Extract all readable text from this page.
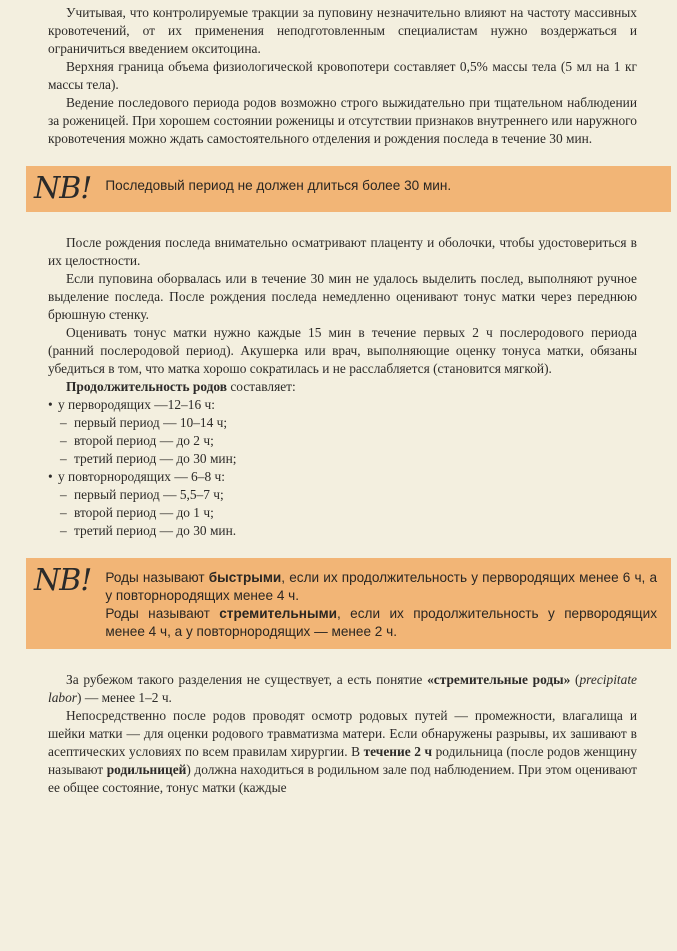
Учитывая, что контролируемые тракции за пуповину незначительно влияют на частоту массивных кровотечений, от их применения неподготовленным специалистам нужно воздержаться и ограничиться введением окситоцина.

Верхняя граница объема физиологической кровопотери составляет 0,5% массы тела (5 мл на 1 кг массы тела).

Ведение последового периода родов возможно строго выжидательно при тщательном наблюдении за роженицей. При хорошем состоянии роженицы и отсутствии признаков внутреннего или наружного кровотечения можно ждать самостоятельного отделения и рождения последа в течение 30 мин.

NB! Последовый период не должен длиться более 30 мин.

После рождения последа внимательно осматривают плаценту и оболочки, чтобы удостовериться в их целостности.

Если пуповина оборвалась или в течение 30 мин не удалось выделить послед, выполняют ручное выделение последа. После рождения последа немедленно оценивают тонус матки через переднюю брюшную стенку.

Оценивать тонус матки нужно каждые 15 мин в течение первых 2 ч послеродового периода (ранний послеродовой период). Акушерка или врач, выполняющие оценку тонуса матки, обязаны убедиться в том, что матка хорошо сократилась и не расслабляется (становится мягкой).

Продолжительность родов составляет:

• у первородящих —12–16 ч:
– первый период — 10–14 ч;
– второй период — до 2 ч;
– третий период — до 30 мин;
• у повторнородящих — 6–8 ч:
– первый период — 5,5–7 ч;
– второй период — до 1 ч;
– третий период — до 30 мин.
NB! Роды называют быстрыми, если их продолжительность у первородящих менее 6 ч, а у повторнородящих менее 4 ч.

Роды называют стремительными, если их продолжительность у первородящих менее 4 ч, а у повторнородящих — менее 2 ч.

За рубежом такого разделения не существует, а есть понятие «стремительные роды» (precipitate labor) — менее 1–2 ч.

Непосредственно после родов проводят осмотр родовых путей — промежности, влагалища и шейки матки — для оценки родового травматизма матери. Если обнаружены разрывы, их зашивают в асептических условиях по всем правилам хирургии. В течение 2 ч родильница (после родов женщину называют родильницей) должна находиться в родильном зале под наблюдением. При этом оценивают ее общее состояние, тонус матки (каждые
